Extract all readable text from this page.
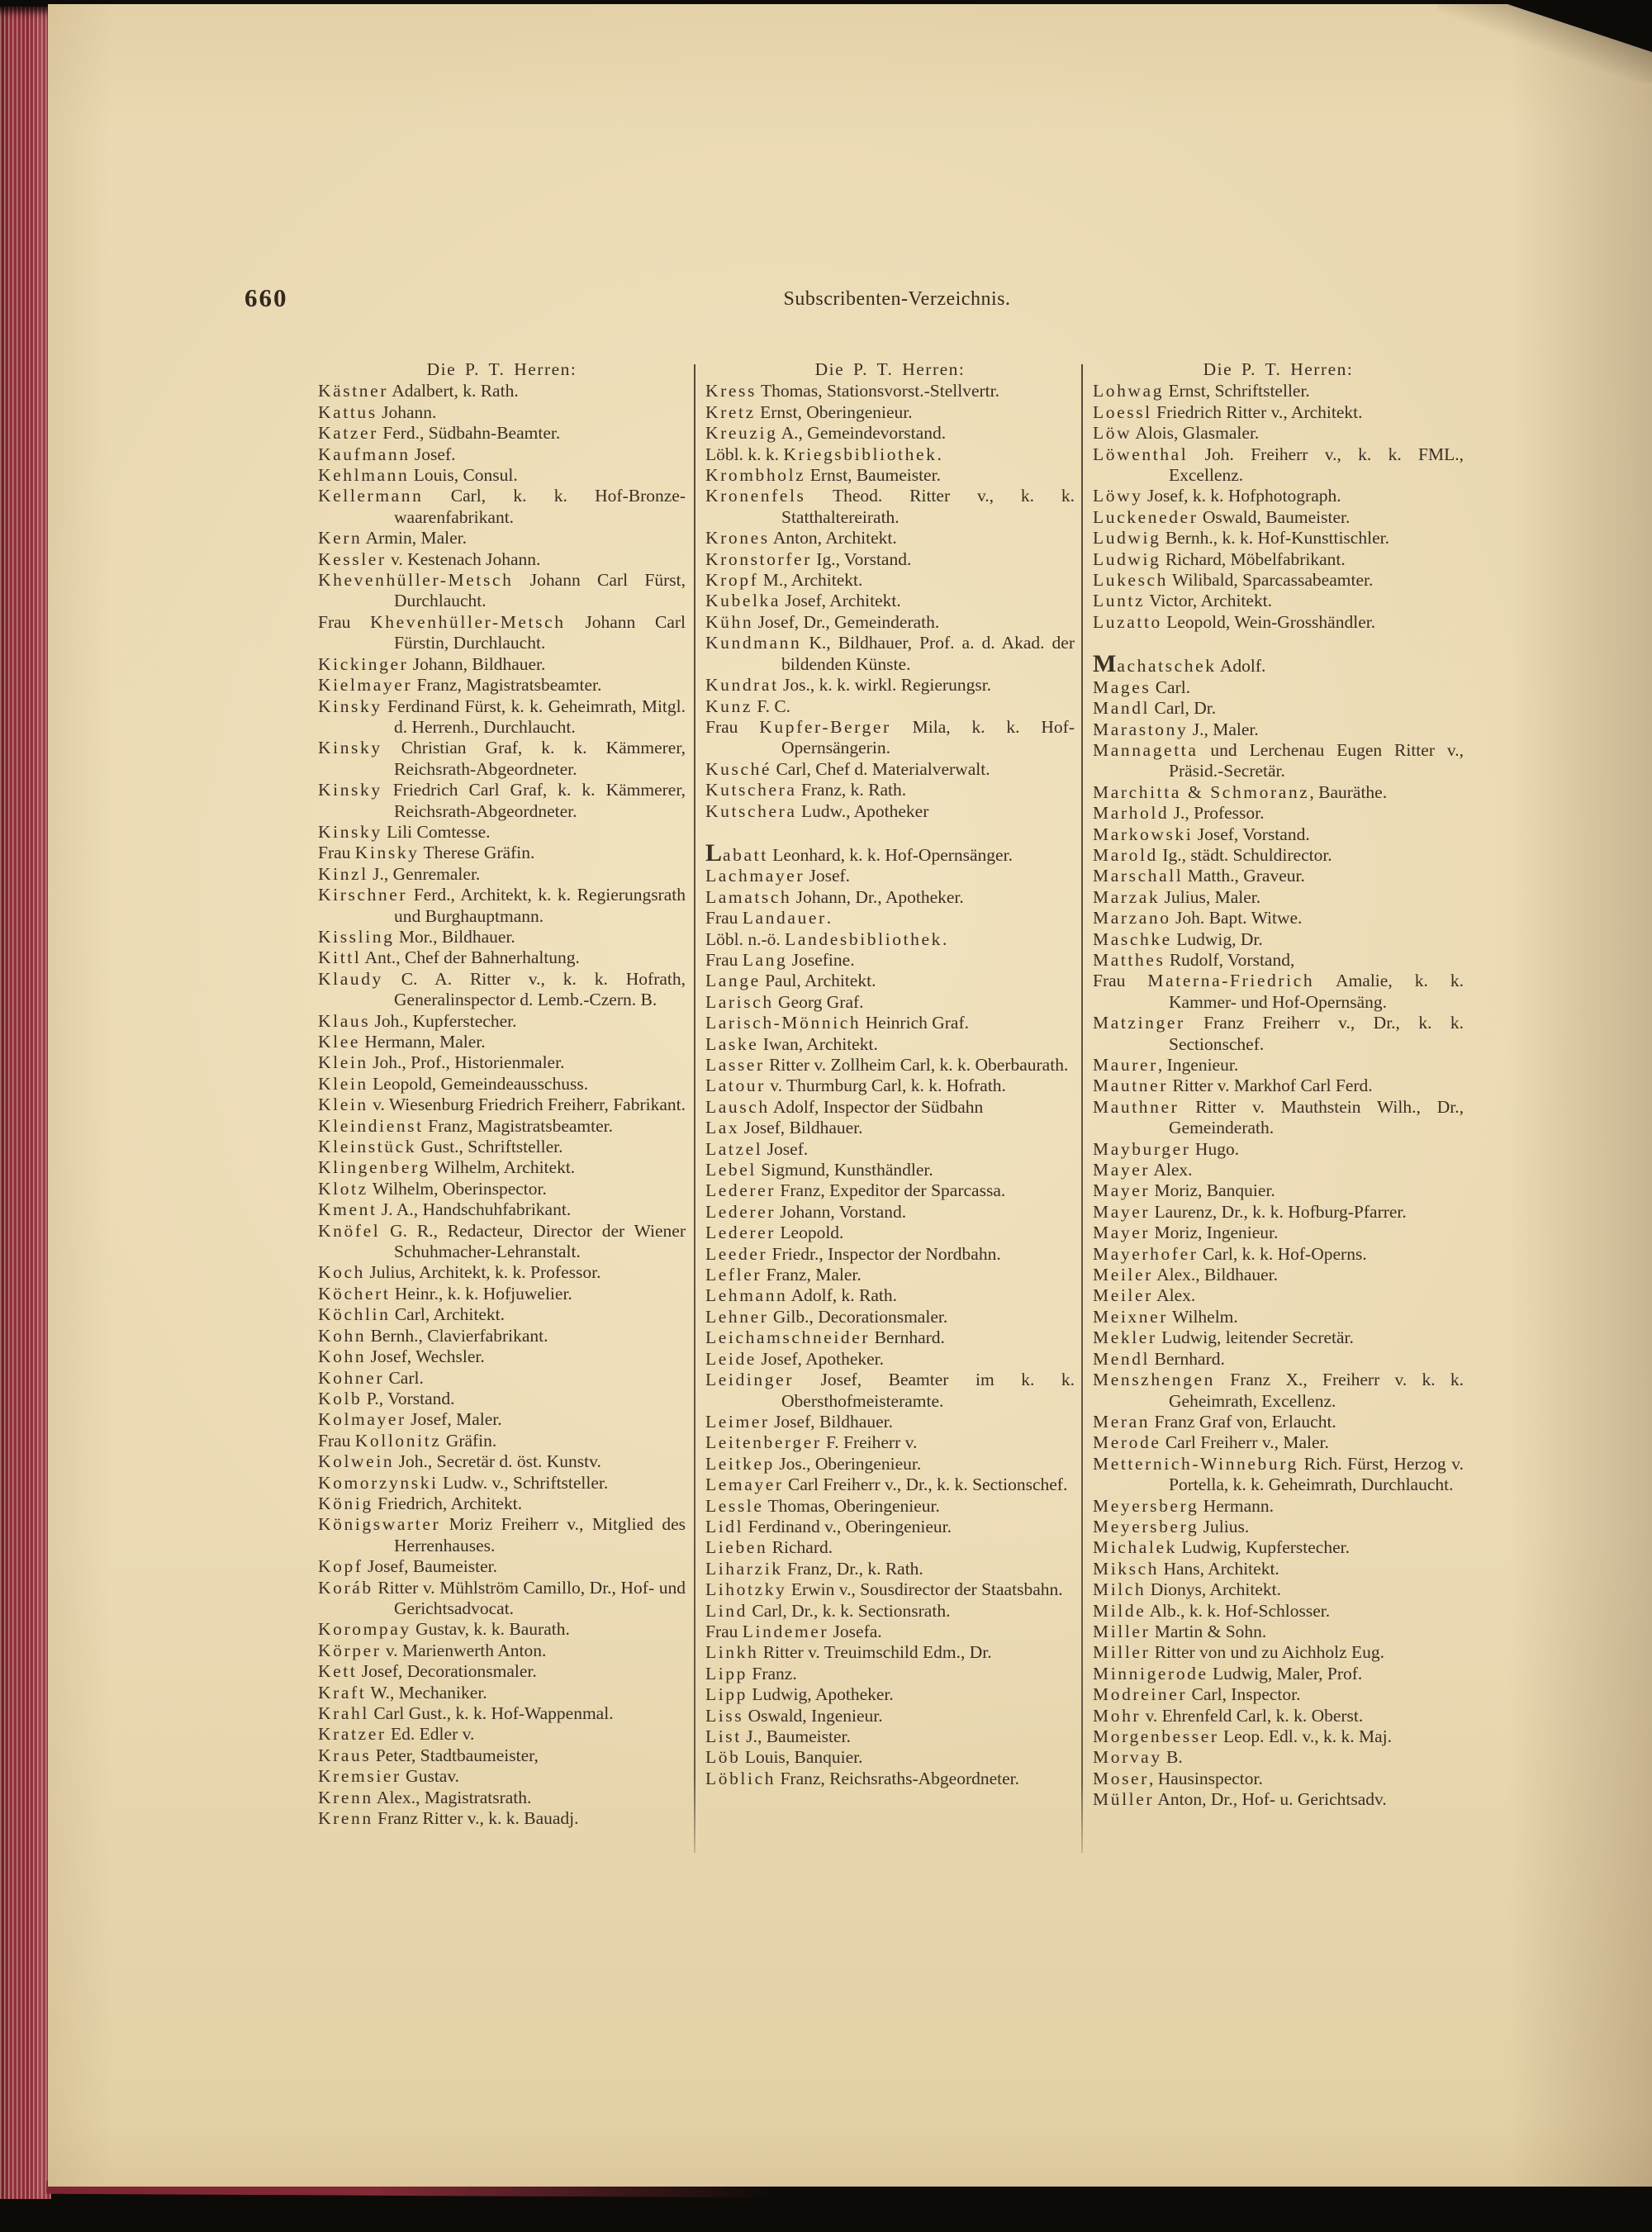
660	Subscribenten-Verzeichnis.
Die P. T. Herren:
Kästner Adalbert, k. Rath.
Kattus Johann.
Katzer Ferd., Südbahn-Beamter.
Kaufmann Josef.
Kehlmann Louis, Consul.
Kellermann Carl, k. k. Hof-Bronze-waarenfabrikant.
Kern Armin, Maler.
Kessler v. Kestenach Johann.
Khevenhüller-Metsch Johann Carl Fürst, Durchlaucht.
Frau Khevenhüller-Metsch Johann Carl Fürstin, Durchlaucht.
Kickinger Johann, Bildhauer.
Kielmayer Franz, Magistratsbeamter.
Kinsky Ferdinand Fürst, k. k. Geheimrath, Mitgl. d. Herrenh., Durchlaucht.
Kinsky Christian Graf, k. k. Kämmerer, Reichsrath-Abgeordneter.
Kinsky Friedrich Carl Graf, k. k. Kämmerer, Reichsrath-Abgeordneter.
Kinsky Lili Comtesse.
Frau Kinsky Therese Gräfin.
Kinzl J., Genremaler.
Kirschner Ferd., Architekt, k. k. Regierungsrath und Burghauptmann.
Kissling Mor., Bildhauer.
Kittl Ant., Chef der Bahnerhaltung.
Klaudy C. A. Ritter v., k. k. Hofrath, Generalinspector d. Lemb.-Czern. B.
Klaus Joh., Kupferstecher.
Klee Hermann, Maler.
Klein Joh., Prof., Historienmaler.
Klein Leopold, Gemeindeausschuss.
Klein v. Wiesenburg Friedrich Freiherr, Fabrikant.
Kleindienst Franz, Magistratsbeamter.
Kleinstück Gust., Schriftsteller.
Klingenberg Wilhelm, Architekt.
Klotz Wilhelm, Oberinspector.
Kment J. A., Handschuhfabrikant.
Knöfel G. R., Redacteur, Director der Wiener Schuhmacher-Lehranstalt.
Koch Julius, Architekt, k. k. Professor.
Köchert Heinr., k. k. Hofjuwelier.
Köchlin Carl, Architekt.
Kohn Bernh., Clavierfabrikant.
Kohn Josef, Wechsler.
Kohner Carl.
Kolb P., Vorstand.
Kolmayer Josef, Maler.
Frau Kollonitz Gräfin.
Kolwein Joh., Secretär d. öst. Kunstv.
Komorzynski Ludw. v., Schriftsteller.
König Friedrich, Architekt.
Königswarter Moriz Freiherr v., Mitglied des Herrenhauses.
Kopf Josef, Baumeister.
Koráb Ritter v. Mühlström Camillo, Dr., Hof- und Gerichtsadvocat.
Korompay Gustav, k. k. Baurath.
Körper v. Marienwerth Anton.
Kett Josef, Decorationsmaler.
Kraft W., Mechaniker.
Krahl Carl Gust., k. k. Hof-Wappenmal.
Kratzer Ed. Edler v.
Kraus Peter, Stadtbaumeister,
Kremsier Gustav.
Krenn Alex., Magistratsrath.
Krenn Franz Ritter v., k. k. Bauadj.
Die P. T. Herren:
Kress Thomas, Stationsvorst.-Stellvertr.
Kretz Ernst, Oberingenieur.
Kreuzig A., Gemeindevorstand.
Löbl. k. k. Kriegsbibliothek.
Krombholz Ernst, Baumeister.
Kronenfels Theod. Ritter v., k. k. Statthaltereirath.
Krones Anton, Architekt.
Kronstorfer Ig., Vorstand.
Kropf M., Architekt.
Kubelka Josef, Architekt.
Kühn Josef, Dr., Gemeinderath.
Kundmann K., Bildhauer, Prof. a. d. Akad. der bildenden Künste.
Kundrat Jos., k. k. wirkl. Regierungsr.
Kunz F. C.
Frau Kupfer-Berger Mila, k. k. Hof-Opernsängerin.
Kusché Carl, Chef d. Materialverwalt.
Kutschera Franz, k. Rath.
Kutschera Ludw., Apotheker
Labatt Leonhard, k. k. Hof-Opernsänger.
Lachmayer Josef.
Lamatsch Johann, Dr., Apotheker.
Frau Landauer.
Löbl. n.-ö. Landesbibliothek.
Frau Lang Josefine.
Lange Paul, Architekt.
Larisch Georg Graf.
Larisch-Mönnich Heinrich Graf.
Laske Iwan, Architekt.
Lasser Ritter v. Zollheim Carl, k. k. Oberbaurath.
Latour v. Thurmburg Carl, k. k. Hofrath.
Lausch Adolf, Inspector der Südbahn
Lax Josef, Bildhauer.
Latzel Josef.
Lebel Sigmund, Kunsthändler.
Lederer Franz, Expeditor der Sparcassa.
Lederer Johann, Vorstand.
Lederer Leopold.
Leeder Friedr., Inspector der Nordbahn.
Lefler Franz, Maler.
Lehmann Adolf, k. Rath.
Lehner Gilb., Decorationsmaler.
Leichamschneider Bernhard.
Leide Josef, Apotheker.
Leidinger Josef, Beamter im k. k. Obersthofmeisteramte.
Leimer Josef, Bildhauer.
Leitenberger F. Freiherr v.
Leitkep Jos., Oberingenieur.
Lemayer Carl Freiherr v., Dr., k. k. Sectionschef.
Lessle Thomas, Oberingenieur.
Lidl Ferdinand v., Oberingenieur.
Lieben Richard.
Liharzik Franz, Dr., k. Rath.
Lihotzky Erwin v., Sousdirector der Staatsbahn.
Lind Carl, Dr., k. k. Sectionsrath.
Frau Lindemer Josefa.
Linkh Ritter v. Treuimschild Edm., Dr.
Lipp Franz.
Lipp Ludwig, Apotheker.
Liss Oswald, Ingenieur.
List J., Baumeister.
Löb Louis, Banquier.
Löblich Franz, Reichsraths-Abgeordneter.
Die P. T. Herren:
Lohwag Ernst, Schriftsteller.
Loessl Friedrich Ritter v., Architekt.
Löw Alois, Glasmaler.
Löwenthal Joh. Freiherr v., k. k. FML., Excellenz.
Löwy Josef, k. k. Hofphotograph.
Luckeneder Oswald, Baumeister.
Ludwig Bernh., k. k. Hof-Kunsttischler.
Ludwig Richard, Möbelfabrikant.
Lukesch Wilibald, Sparcassabeamter.
Luntz Victor, Architekt.
Luzatto Leopold, Wein-Grosshändler.
Machatschek Adolf.
Mages Carl.
Mandl Carl, Dr.
Marastony J., Maler.
Mannagetta und Lerchenau Eugen Ritter v., Präsid.-Secretär.
Marchitta & Schmoranz, Bauräthe.
Marhold J., Professor.
Markowski Josef, Vorstand.
Marold Ig., städt. Schuldirector.
Marschall Matth., Graveur.
Marzak Julius, Maler.
Marzano Joh. Bapt. Witwe.
Maschke Ludwig, Dr.
Matthes Rudolf, Vorstand,
Frau Materna-Friedrich Amalie, k. k. Kammer- und Hof-Opernsäng.
Matzinger Franz Freiherr v., Dr., k. k. Sectionschef.
Maurer, Ingenieur.
Mautner Ritter v. Markhof Carl Ferd.
Mauthner Ritter v. Mauthstein Wilh., Dr., Gemeinderath.
Mayburger Hugo.
Mayer Alex.
Mayer Moriz, Banquier.
Mayer Laurenz, Dr., k. k. Hofburg-Pfarrer.
Mayer Moriz, Ingenieur.
Mayerhofer Carl, k. k. Hof-Operns.
Meiler Alex., Bildhauer.
Meiler Alex.
Meixner Wilhelm.
Mekler Ludwig, leitender Secretär.
Mendl Bernhard.
Menszhengen Franz X., Freiherr v. k. k. Geheimrath, Excellenz.
Meran Franz Graf von, Erlaucht.
Merode Carl Freiherr v., Maler.
Metternich-Winneburg Rich. Fürst, Herzog v. Portella, k. k. Geheimrath, Durchlaucht.
Meyersberg Hermann.
Meyersberg Julius.
Michalek Ludwig, Kupferstecher.
Miksch Hans, Architekt.
Milch Dionys, Architekt.
Milde Alb., k. k. Hof-Schlosser.
Miller Martin & Sohn.
Miller Ritter von und zu Aichholz Eug.
Minnigerode Ludwig, Maler, Prof.
Modreiner Carl, Inspector.
Mohr v. Ehrenfeld Carl, k. k. Oberst.
Morgenbesser Leop. Edl. v., k. k. Maj.
Morvay B.
Moser, Hausinspector.
Müller Anton, Dr., Hof- u. Gerichtsadv.
